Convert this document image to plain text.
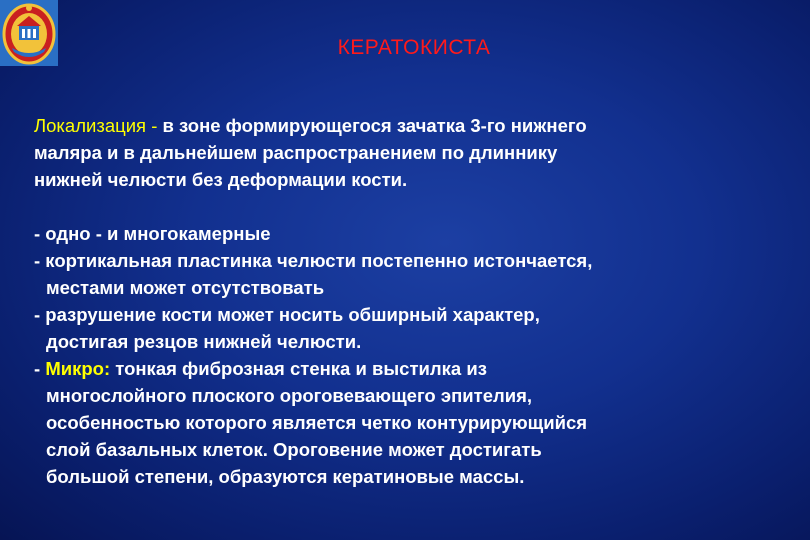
КЕРАТОКИСТА

Локализация - в зоне формирующегося зачатка 3-го нижнего

маляра и в дальнейшем распространением по длиннику

нижней челюсти без деформации кости.

- одно - и многокамерные

- кортикальная пластинка челюсти постепенно истончается,

местами может отсутствовать

- разрушение кости может носить обширный характер,

достигая резцов нижней челюсти.

- Микро: тонкая фиброзная стенка и выстилка из

многослойного плоского ороговевающего эпителия,

особенностью которого является четко контурирующийся

слой базальных клеток. Ороговение может достигать

большой степени, образуются кератиновые массы.
